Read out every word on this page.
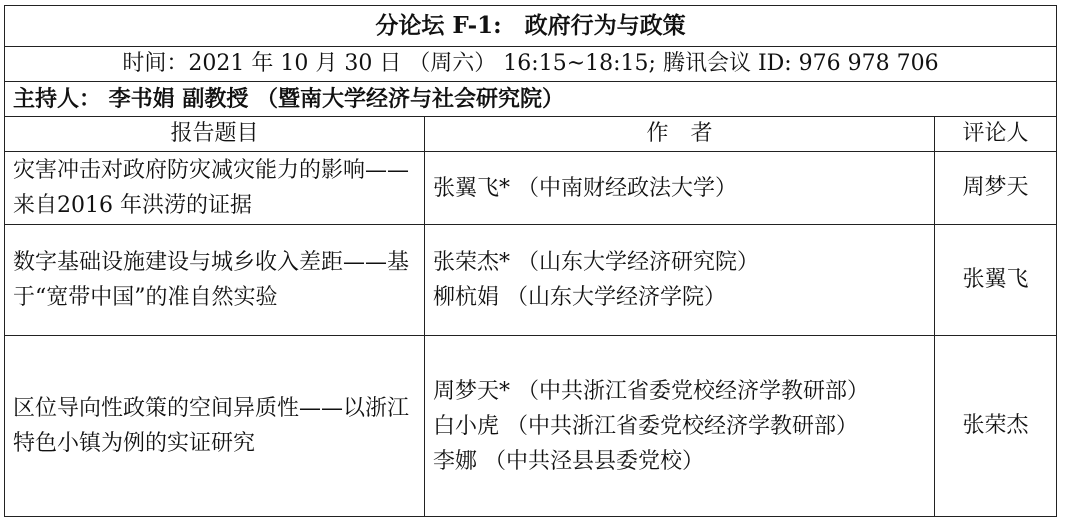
分论坛 F-1:　政府行为与政策		
时间：2021 年 10 月 30 日 （周六） 16:15~18:15; 腾讯会议 ID: 976 978 706		
主持人： 李书娟 副教授 （暨南大学经济与社会研究院）		
报告题目	作　者	评论人
灾害冲击对政府防灾减灾能力的影响——来自2016 年洪涝的证据	张翼飞* （中南财经政法大学）	周梦天
数字基础设施建设与城乡收入差距——基于“宽带中国”的准自然实验	张荣杰* （山东大学经济研究院）
柳杭娟 （山东大学经济学院）	张翼飞
区位导向性政策的空间异质性——以浙江特色小镇为例的实证研究	周梦天* （中共浙江省委党校经济学教研部）
白小虎 （中共浙江省委党校经济学教研部）
李娜 （中共泾县县委党校）	张荣杰
